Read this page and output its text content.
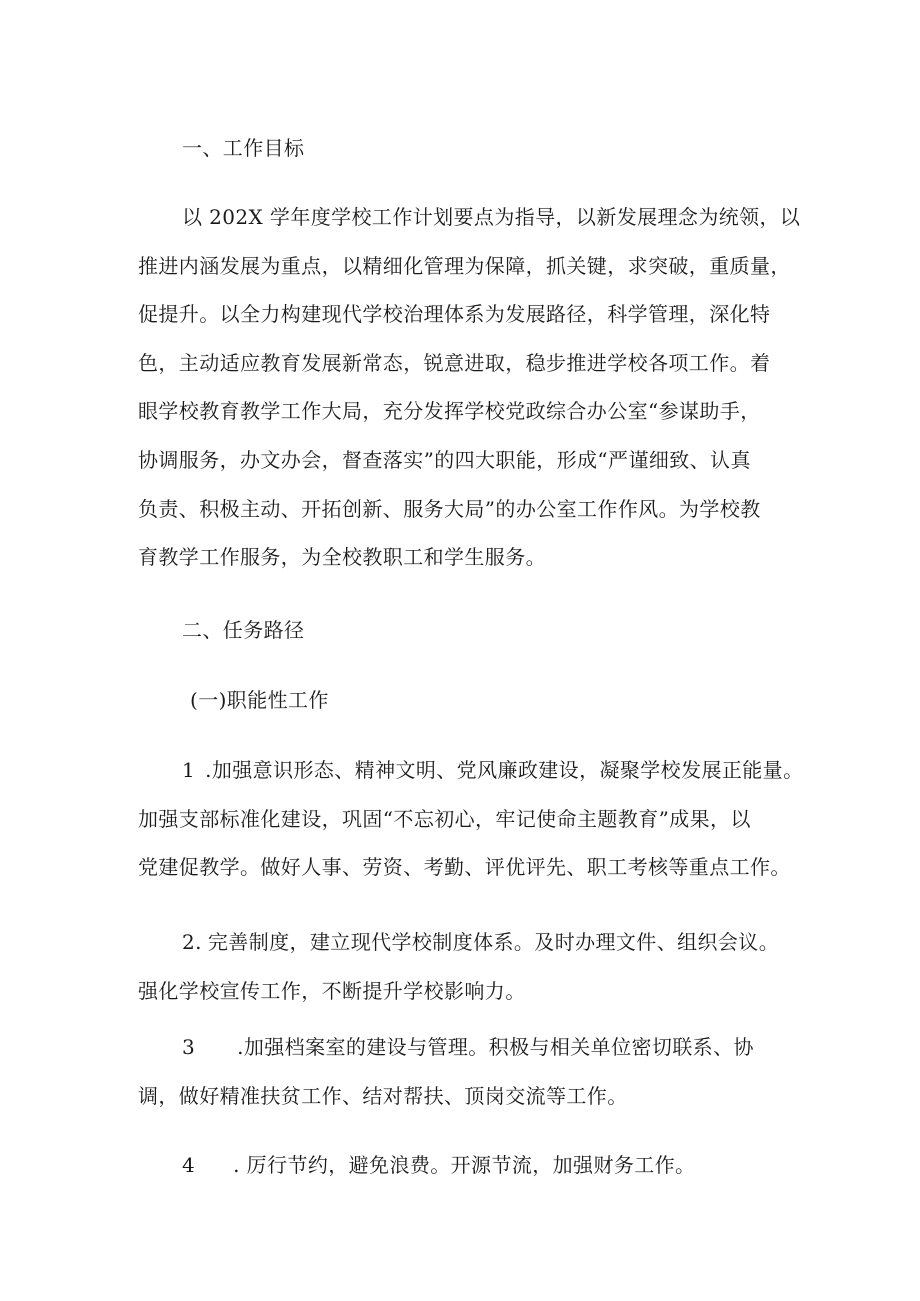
一、工作目标
以 202X 学年度学校工作计划要点为指导，以新发展理念为统领，以
推进内涵发展为重点，以精细化管理为保障，抓关键，求突破，重质量，
促提升。以全力构建现代学校治理体系为发展路径，科学管理，深化特
色，主动适应教育发展新常态，锐意进取，稳步推进学校各项工作。着
眼学校教育教学工作大局，充分发挥学校党政综合办公室“参谋助手，
协调服务，办文办会，督查落实”的四大职能，形成“严谨细致、认真
负责、积极主动、开拓创新、服务大局”的办公室工作作风。为学校教
育教学工作服务，为全校教职工和学生服务。
二、任务路径
(一)职能性工作
1 .加强意识形态、精神文明、党风廉政建设，凝聚学校发展正能量。
加强支部标准化建设，巩固“不忘初心，牢记使命主题教育”成果，以
党建促教学。做好人事、劳资、考勤、评优评先、职工考核等重点工作。
2. 完善制度，建立现代学校制度体系。及时办理文件、组织会议。
强化学校宣传工作，不断提升学校影响力。
3 .加强档案室的建设与管理。积极与相关单位密切联系、协
调，做好精准扶贫工作、结对帮扶、顶岗交流等工作。
4 . 厉行节约，避免浪费。开源节流，加强财务工作。
